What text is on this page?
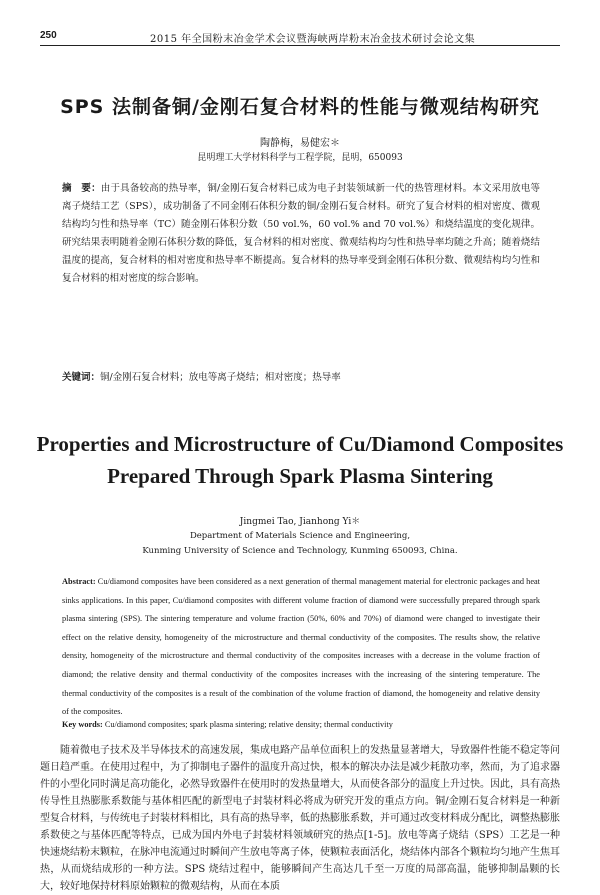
250	2015 年全国粉末冶金学术会议暨海峡两岸粉末冶金技术研讨会论文集
SPS 法制备铜/金刚石复合材料的性能与微观结构研究
陶静梅，易健宏＊
昆明理工大学材料科学与工程学院，昆明，650093
摘　要：由于具备较高的热导率，铜/金刚石复合材料已成为电子封装领域新一代的热管理材料。本文采用放电等离子烧结工艺（SPS），成功制备了不同金刚石体积分数的铜/金刚石复合材料。研究了复合材料的相对密度、微观结构均匀性和热导率（TC）随金刚石体积分数（50 vol.%，60 vol.% and 70 vol.%）和烧结温度的变化规律。研究结果表明随着金刚石体积分数的降低，复合材料的相对密度、微观结构均匀性和热导率均随之升高；随着烧结温度的提高，复合材料的相对密度和热导率不断提高。复合材料的热导率受到金刚石体积分数、微观结构均匀性和复合材料的相对密度的综合影响。
关键词：铜/金刚石复合材料；放电等离子烧结；相对密度；热导率
Properties and Microstructure of Cu/Diamond Composites
Prepared Through Spark Plasma Sintering
Jingmei Tao, Jianhong Yi＊
Department of Materials Science and Engineering,
Kunming University of Science and Technology, Kunming 650093, China.
Abstract: Cu/diamond composites have been considered as a next generation of thermal management material for electronic packages and heat sinks applications. In this paper, Cu/diamond composites with different volume fraction of diamond were successfully prepared through spark plasma sintering (SPS). The sintering temperature and volume fraction (50%, 60% and 70%) of diamond were changed to investigate their effect on the relative density, homogeneity of the microstructure and thermal conductivity of the composites. The results show, the relative density, homogeneity of the microstructure and thermal conductivity of the composites increases with a decrease in the volume fraction of diamond; the relative density and thermal conductivity of the composites increases with the increasing of the sintering temperature. The thermal conductivity of the composites is a result of the combination of the volume fraction of diamond, the homogeneity and relative density of the composites.
Key words: Cu/diamond composites; spark plasma sintering; relative density; thermal conductivity
随着微电子技术及半导体技术的高速发展，集成电路产品单位面积上的发热量显著增大，导致器件性能不稳定等问题日趋严重。在使用过程中，为了抑制电子器件的温度升高过快，根本的解决办法是减少耗散功率，然而，为了追求器件的小型化同时满足高功能化，必然导致器件在使用时的发热量增大，从而使各部分的温度上升过快。因此，具有高热传导性且热膨胀系数能与基体相匹配的新型电子封装材料必将成为研究开发的重点方向。铜/金刚石复合材料是一种新型复合材料，与传统电子封装材料相比，具有高的热导率，低的热膨胀系数，并可通过改变材料成分配比，调整热膨胀系数使之与基体匹配等特点，已成为国内外电子封装材料领域研究的热点[1-5]。放电等离子烧结（SPS）工艺是一种快速烧结粉末颗粒，在脉冲电流通过时瞬间产生放电等离子体，使颗粒表面活化，烧结体内部各个颗粒均匀地产生焦耳热，从而烧结成形的一种方法。SPS 烧结过程中，能够瞬间产生高达几千至一万度的局部高温，能够抑制晶颗的长大，较好地保持材料原始颗粒的微观结构，从而在本质
